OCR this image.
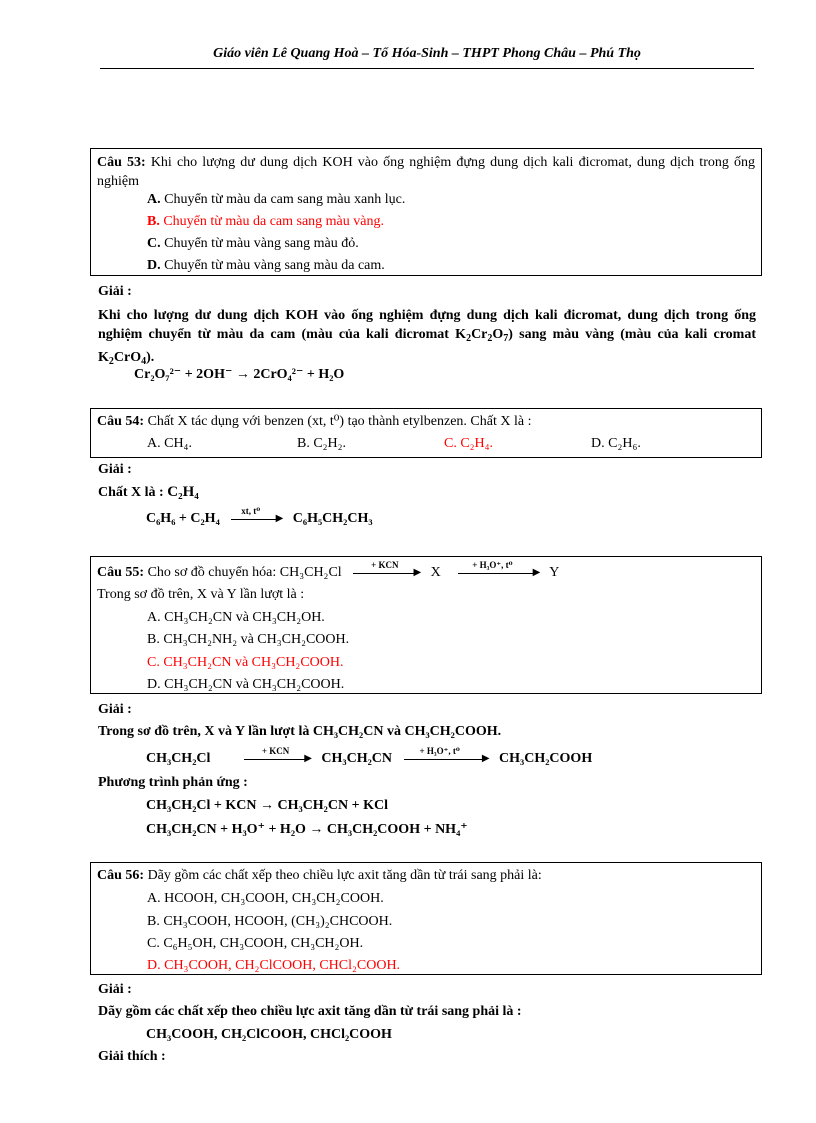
Giáo viên Lê Quang Hoà – Tổ Hóa-Sinh – THPT Phong Châu – Phú Thọ
Câu 53: Khi cho lượng dư dung dịch KOH vào ống nghiệm đựng dung dịch kali đicromat, dung dịch trong ống nghiệm
A. Chuyển từ màu da cam sang màu xanh lục.
B. Chuyển từ màu da cam sang màu vàng.
C. Chuyển từ màu vàng sang màu đỏ.
D. Chuyển từ màu vàng sang màu da cam.
Giải :
Khi cho lượng dư dung dịch KOH vào ống nghiệm đựng dung dịch kali đicromat, dung dịch trong ống nghiệm chuyển từ màu da cam (màu của kali đicromat $K_2Cr_2O_7$) sang màu vàng (màu của kali cromat $K_2CrO_4$).
Cr₂O₇²⁻ + 2OH⁻ → 2CrO₄²⁻ + H₂O
Câu 54: Chất X tác dụng với benzen (xt, t⁰) tạo thành etylbenzen. Chất X là :
A. CH₄.	B. C₂H₂.	C. C₂H₄.	D. C₂H₆.
Giải :
Chất X là : C₂H₄
C₆H₆ + C₂H₄
xt, t⁰
▶ C₆H₅CH₂CH₃
Câu 55: Cho sơ đồ chuyển hóa: CH₃CH₂Cl
+ KCN
▶ X
+ H₃O⁺, t⁰
▶ Y
Trong sơ đồ trên, X và Y lần lượt là :
A. CH₃CH₂CN và CH₃CH₂OH.
B. CH₃CH₂NH₂ và CH₃CH₂COOH.
C. CH₃CH₂CN và CH₃CH₂COOH.
D. CH₃CH₂CN và CH₃CH₂COOH.
Giải :
Trong sơ đồ trên, X và Y lần lượt là CH₃CH₂CN và CH₃CH₂COOH.
CH₃CH₂Cl
+ KCN
▶ CH₃CH₂CN
+ H₃O⁺, t⁰
▶ CH₃CH₂COOH
Phương trình phản ứng :
CH₃CH₂Cl + KCN → CH₃CH₂CN + KCl
CH₃CH₂CN + H₃O⁺ + H₂O → CH₃CH₂COOH + NH₄⁺
Câu 56: Dãy gồm các chất xếp theo chiều lực axit tăng dần từ trái sang phải là:
A. HCOOH, CH₃COOH, CH₃CH₂COOH.
B. CH₃COOH, HCOOH, (CH₃)₂CHCOOH.
C. C₆H₅OH, CH₃COOH, CH₃CH₂OH.
D. CH₃COOH, CH₂ClCOOH, CHCl₂COOH.
Giải :
Dãy gồm các chất xếp theo chiều lực axit tăng dần từ trái sang phải là :
CH₃COOH, CH₂ClCOOH, CHCl₂COOH
Giải thích :
